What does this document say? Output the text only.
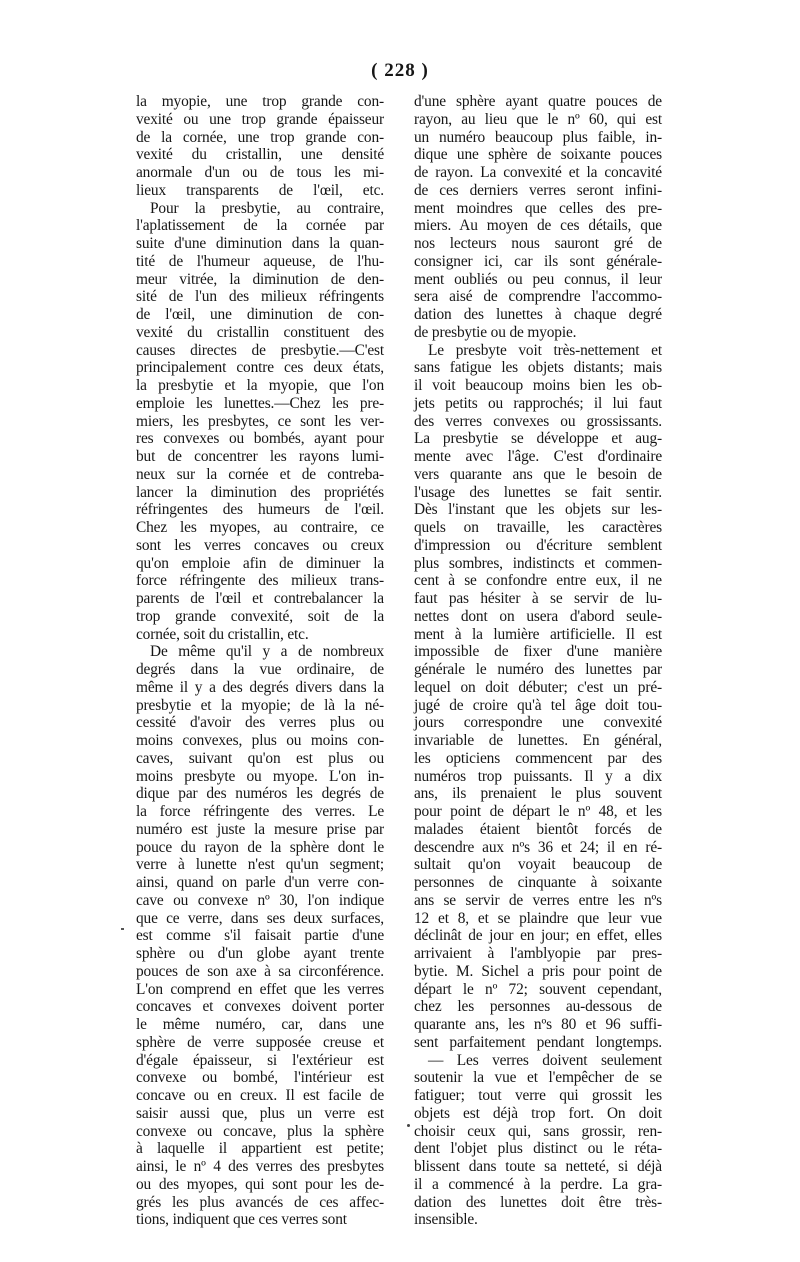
( 228 )
la myopie, une trop grande con-
vexité ou une trop grande épaisseur
de la cornée, une trop grande con-
vexité du cristallin, une densité
anormale d'un ou de tous les mi-
lieux transparents de l'œil, etc.
Pour la presbytie, au contraire,
l'aplatissement de la cornée par
suite d'une diminution dans la quan-
tité de l'humeur aqueuse, de l'hu-
meur vitrée, la diminution de den-
sité de l'un des milieux réfringents
de l'œil, une diminution de con-
vexité du cristallin constituent des
causes directes de presbytie.—C'est
principalement contre ces deux états,
la presbytie et la myopie, que l'on
emploie les lunettes.—Chez les pre-
miers, les presbytes, ce sont les ver-
res convexes ou bombés, ayant pour
but de concentrer les rayons lumi-
neux sur la cornée et de contreba-
lancer la diminution des propriétés
réfringentes des humeurs de l'œil.
Chez les myopes, au contraire, ce
sont les verres concaves ou creux
qu'on emploie afin de diminuer la
force réfringente des milieux trans-
parents de l'œil et contrebalancer la
trop grande convexité, soit de la
cornée, soit du cristallin, etc.
De même qu'il y a de nombreux
degrés dans la vue ordinaire, de
même il y a des degrés divers dans la
presbytie et la myopie; de là la né-
cessité d'avoir des verres plus ou
moins convexes, plus ou moins con-
caves, suivant qu'on est plus ou
moins presbyte ou myope. L'on in-
dique par des numéros les degrés de
la force réfringente des verres. Le
numéro est juste la mesure prise par
pouce du rayon de la sphère dont le
verre à lunette n'est qu'un segment;
ainsi, quand on parle d'un verre con-
cave ou convexe nº 30, l'on indique
que ce verre, dans ses deux surfaces,
est comme s'il faisait partie d'une
sphère ou d'un globe ayant trente
pouces de son axe à sa circonférence.
L'on comprend en effet que les verres
concaves et convexes doivent porter
le même numéro, car, dans une
sphère de verre supposée creuse et
d'égale épaisseur, si l'extérieur est
convexe ou bombé, l'intérieur est
concave ou en creux. Il est facile de
saisir aussi que, plus un verre est
convexe ou concave, plus la sphère
à laquelle il appartient est petite;
ainsi, le nº 4 des verres des presbytes
ou des myopes, qui sont pour les de-
grés les plus avancés de ces affec-
tions, indiquent que ces verres sont
d'une sphère ayant quatre pouces de
rayon, au lieu que le nº 60, qui est
un numéro beaucoup plus faible, in-
dique une sphère de soixante pouces
de rayon. La convexité et la concavité
de ces derniers verres seront infini-
ment moindres que celles des pre-
miers. Au moyen de ces détails, que
nos lecteurs nous sauront gré de
consigner ici, car ils sont générale-
ment oubliés ou peu connus, il leur
sera aisé de comprendre l'accommo-
dation des lunettes à chaque degré
de presbytie ou de myopie.
Le presbyte voit très-nettement et
sans fatigue les objets distants; mais
il voit beaucoup moins bien les ob-
jets petits ou rapprochés; il lui faut
des verres convexes ou grossissants.
La presbytie se développe et aug-
mente avec l'âge. C'est d'ordinaire
vers quarante ans que le besoin de
l'usage des lunettes se fait sentir.
Dès l'instant que les objets sur les-
quels on travaille, les caractères
d'impression ou d'écriture semblent
plus sombres, indistincts et commen-
cent à se confondre entre eux, il ne
faut pas hésiter à se servir de lu-
nettes dont on usera d'abord seule-
ment à la lumière artificielle. Il est
impossible de fixer d'une manière
générale le numéro des lunettes par
lequel on doit débuter; c'est un pré-
jugé de croire qu'à tel âge doit tou-
jours correspondre une convexité
invariable de lunettes. En général,
les opticiens commencent par des
numéros trop puissants. Il y a dix
ans, ils prenaient le plus souvent
pour point de départ le nº 48, et les
malades étaient bientôt forcés de
descendre aux nºs 36 et 24; il en ré-
sultait qu'on voyait beaucoup de
personnes de cinquante à soixante
ans se servir de verres entre les nºs
12 et 8, et se plaindre que leur vue
déclinât de jour en jour; en effet, elles
arrivaient à l'amblyopie par pres-
bytie. M. Sichel a pris pour point de
départ le nº 72; souvent cependant,
chez les personnes au-dessous de
quarante ans, les nºs 80 et 96 suffi-
sent parfaitement pendant longtemps.
— Les verres doivent seulement
soutenir la vue et l'empêcher de se
fatiguer; tout verre qui grossit les
objets est déjà trop fort. On doit
choisir ceux qui, sans grossir, ren-
dent l'objet plus distinct ou le réta-
blissent dans toute sa netteté, si déjà
il a commencé à la perdre. La gra-
dation des lunettes doit être très-
insensible.
